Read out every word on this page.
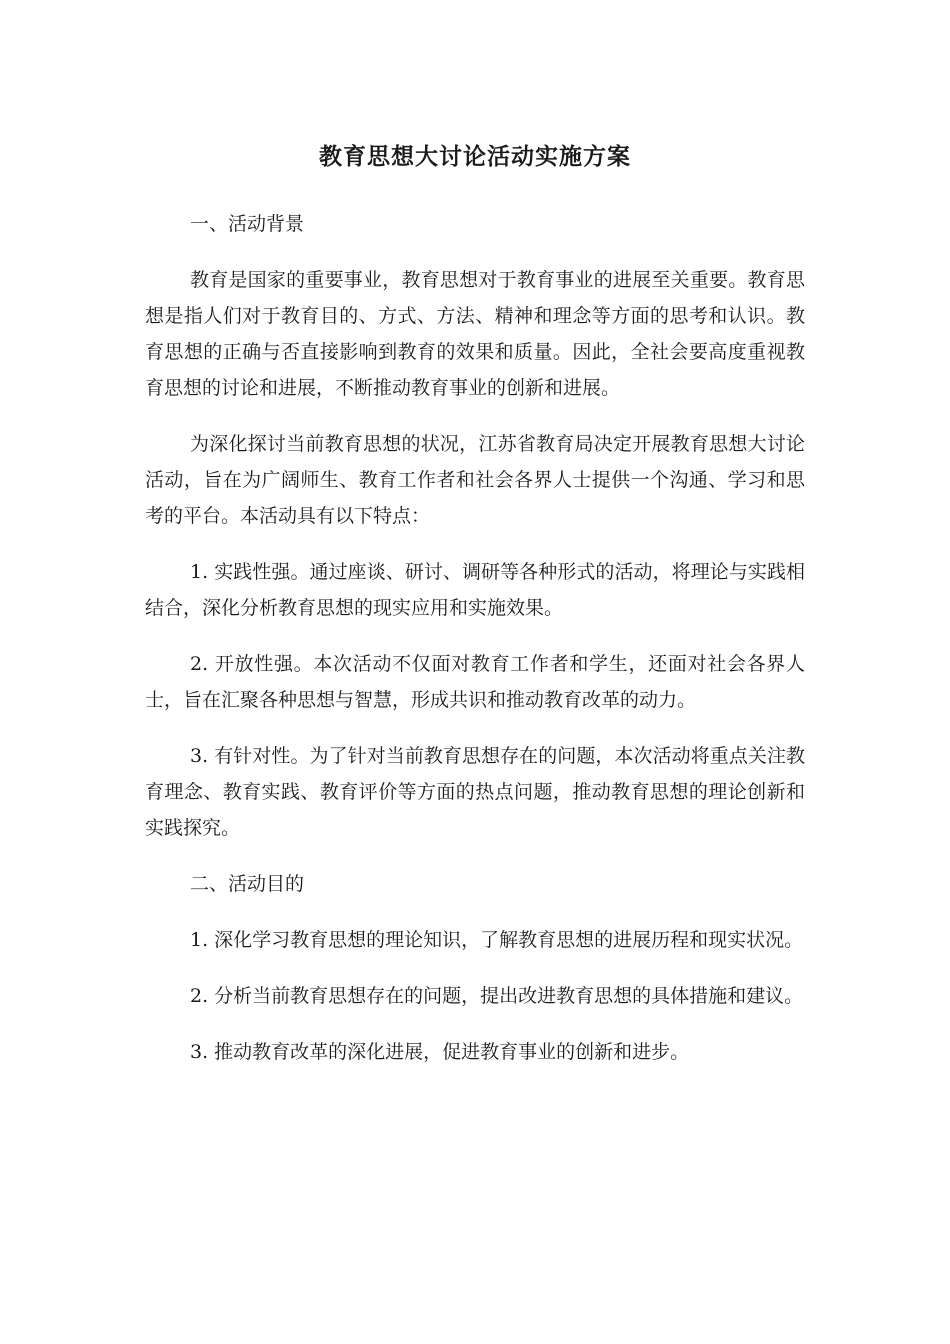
教育思想大讨论活动实施方案

一、活动背景

教育是国家的重要事业，教育思想对于教育事业的进展至关重要。教育思想是指人们对于教育目的、方式、方法、精神和理念等方面的思考和认识。教育思想的正确与否直接影响到教育的效果和质量。因此，全社会要高度重视教育思想的讨论和进展，不断推动教育事业的创新和进展。

为深化探讨当前教育思想的状况，江苏省教育局决定开展教育思想大讨论活动，旨在为广阔师生、教育工作者和社会各界人士提供一个沟通、学习和思考的平台。本活动具有以下特点：

1. 实践性强。通过座谈、研讨、调研等各种形式的活动，将理论与实践相结合，深化分析教育思想的现实应用和实施效果。

2. 开放性强。本次活动不仅面对教育工作者和学生，还面对社会各界人士，旨在汇聚各种思想与智慧，形成共识和推动教育改革的动力。

3. 有针对性。为了针对当前教育思想存在的问题，本次活动将重点关注教育理念、教育实践、教育评价等方面的热点问题，推动教育思想的理论创新和实践探究。

二、活动目的

1. 深化学习教育思想的理论知识，了解教育思想的进展历程和现实状况。

2. 分析当前教育思想存在的问题，提出改进教育思想的具体措施和建议。

3. 推动教育改革的深化进展，促进教育事业的创新和进步。
